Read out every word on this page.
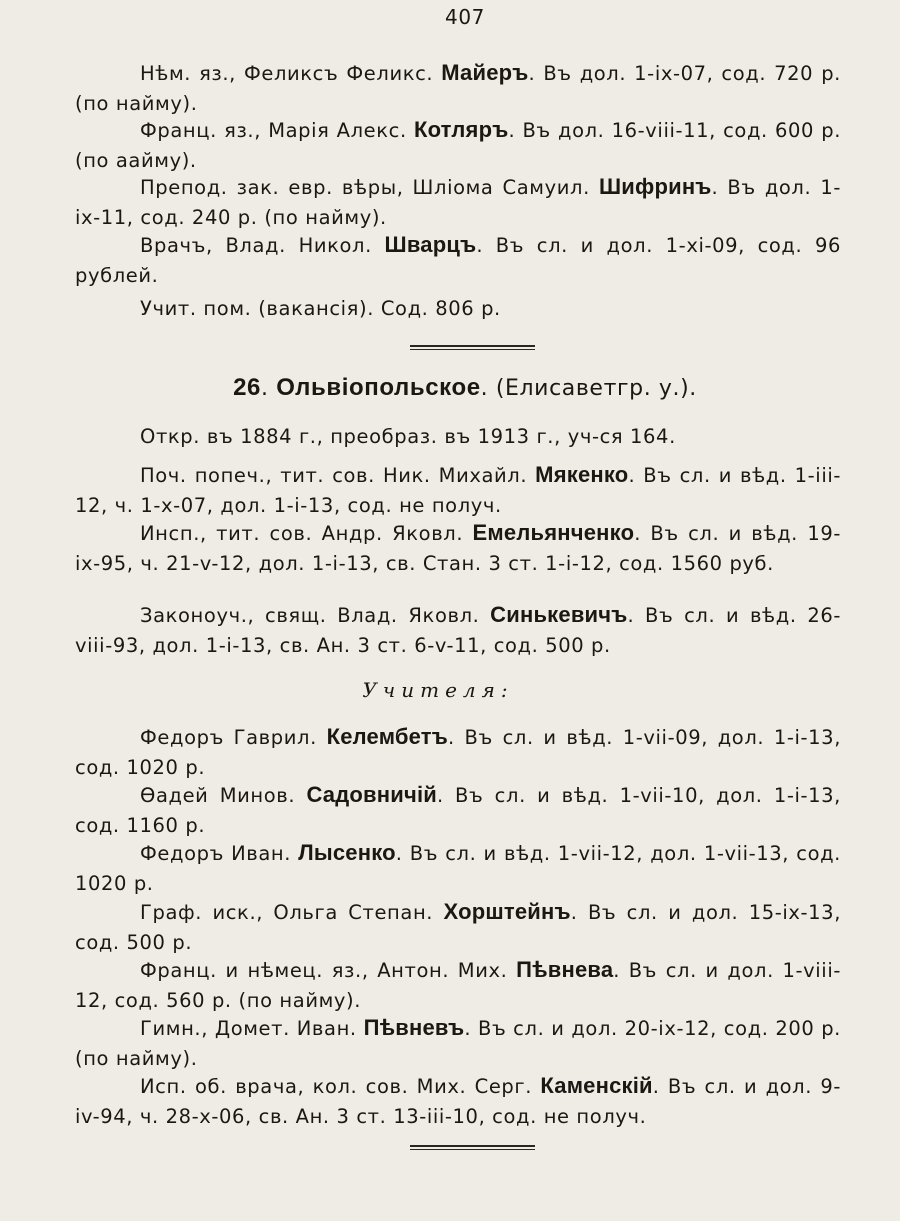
407

Нѣм. яз., Феликсъ Феликс. Майеръ. Въ дол. 1-ix-07, сод. 720 р. (по найму).

Франц. яз., Марія Алекс. Котляръ. Въ дол. 16-viii-11, сод. 600 р. (по аайму).

Препод. зак. евр. вѣры, Шліома Самуил. Шифринъ. Въ дол. 1-ix-11, сод. 240 р. (по найму).

Врачъ, Влад. Никол. Шварцъ. Въ сл. и дол. 1-xi-09, сод. 96 рублей.

Учит. пом. (вакансія). Сод. 806 р.

26. Ольвіопольское. (Елисаветгр. у.).

Откр. въ 1884 г., преобраз. въ 1913 г., уч-ся 164.

Поч. попеч., тит. сов. Ник. Михайл. Мякенко. Въ сл. и вѣд. 1-iii-12, ч. 1-x-07, дол. 1-i-13, сод. не получ.

Инсп., тит. сов. Андр. Яковл. Емельянченко. Въ сл. и вѣд. 19-ix-95, ч. 21-v-12, дол. 1-i-13, св. Стан. 3 ст. 1-i-12, сод. 1560 руб.

Законоуч., свящ. Влад. Яковл. Синькевичъ. Въ сл. и вѣд. 26-viii-93, дол. 1-i-13, св. Ан. 3 ст. 6-v-11, сод. 500 р.

Учителя:

Федоръ Гаврил. Келембетъ. Въ сл. и вѣд. 1-vii-09, дол. 1-i-13, сод. 1020 р.

Ѳадей Минов. Садовничій. Въ сл. и вѣд. 1-vii-10, дол. 1-i-13, сод. 1160 р.

Федоръ Иван. Лысенко. Въ сл. и вѣд. 1-vii-12, дол. 1-vii-13, сод. 1020 р.

Граф. иск., Ольга Степан. Хорштейнъ. Въ сл. и дол. 15-ix-13, сод. 500 р.

Франц. и нѣмец. яз., Антон. Мих. Пѣвнева. Въ сл. и дол. 1-viii-12, сод. 560 р. (по найму).

Гимн., Домет. Иван. Пѣвневъ. Въ сл. и дол. 20-ix-12, сод. 200 р. (по найму).

Исп. об. врача, кол. сов. Мих. Серг. Каменскій. Въ сл. и дол. 9-iv-94, ч. 28-x-06, св. Ан. 3 ст. 13-iii-10, сод. не получ.
